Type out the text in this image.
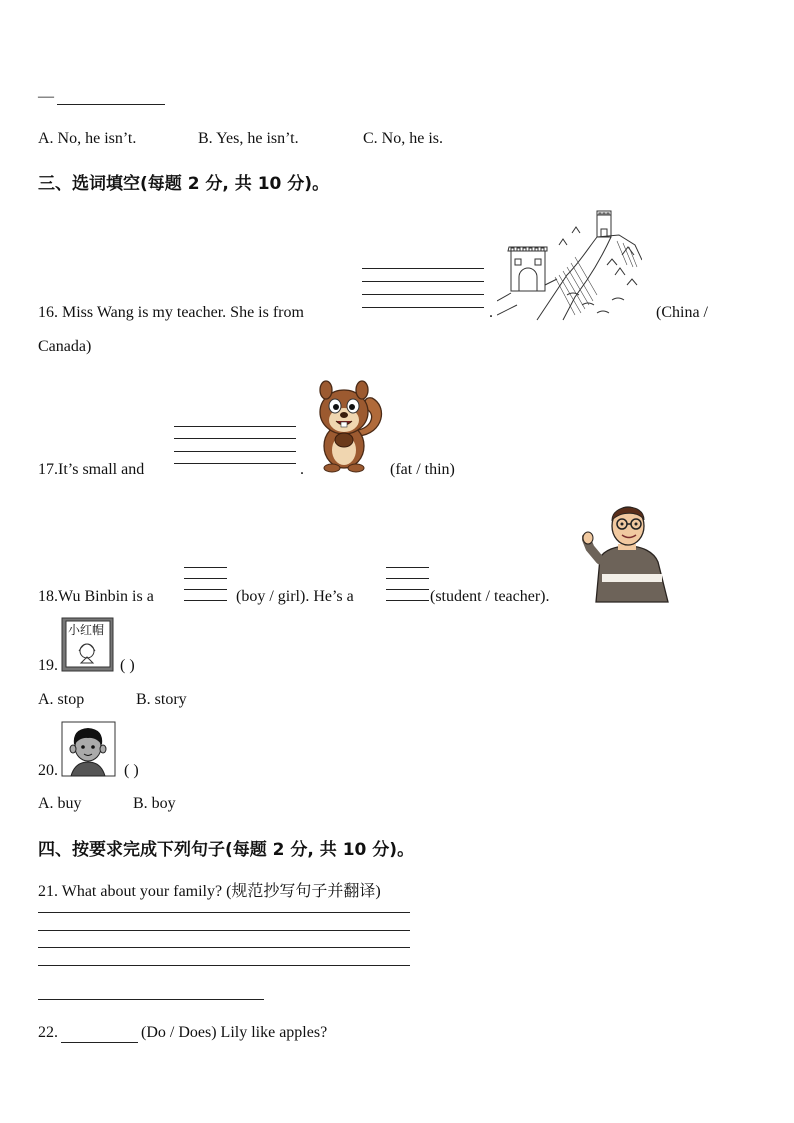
—
A. No, he isn’t.	B. Yes, he isn’t.	C. No, he is.
三、选词填空(每题 2 分, 共 10 分)。
16. Miss Wang is my teacher. She is from	.	(China /
Canada)
17.It’s small and	.	(fat / thin)
18.Wu Binbin is a	(boy / girl). He’s a	(student / teacher).
19.
小红帽
( )
A. stop	B. story
20.	( )
A. buy	B. boy
四、按要求完成下列句子(每题 2 分, 共 10 分)。
21. What about your family? (规范抄写句子并翻译)
22.	(Do / Does) Lily like apples?
